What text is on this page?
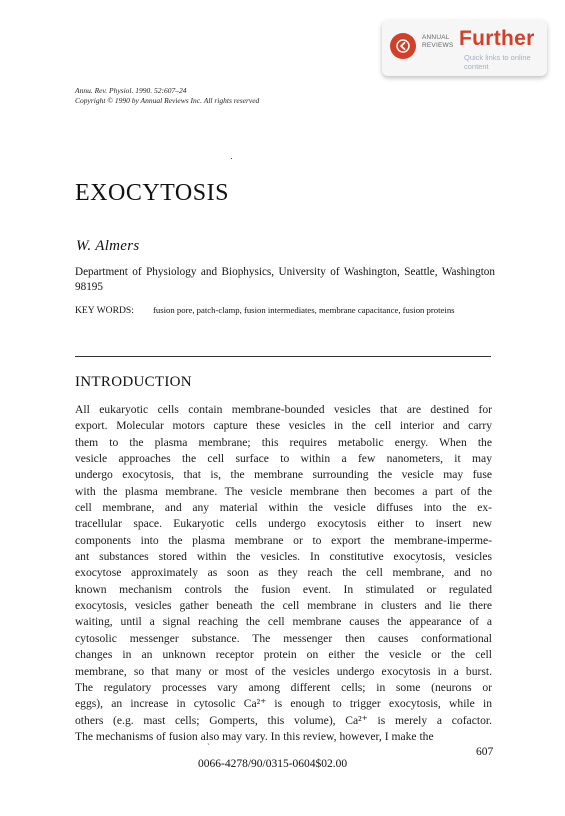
ANNUAL REVIEWS Further
Quick links to online content
Annu. Rev. Physiol. 1990. 52:607–24
Copyright © 1990 by Annual Reviews Inc. All rights reserved
EXOCYTOSIS
W. Almers
Department of Physiology and Biophysics, University of Washington, Seattle, Washington 98195
KEY WORDS: fusion pore, patch-clamp, fusion intermediates, membrane capacitance, fusion proteins
INTRODUCTION
All eukaryotic cells contain membrane-bounded vesicles that are destined for
export. Molecular motors capture these vesicles in the cell interior and carry
them to the plasma membrane; this requires metabolic energy. When the
vesicle approaches the cell surface to within a few nanometers, it may
undergo exocytosis, that is, the membrane surrounding the vesicle may fuse
with the plasma membrane. The vesicle membrane then becomes a part of the
cell membrane, and any material within the vesicle diffuses into the ex-
tracellular space. Eukaryotic cells undergo exocytosis either to insert new
components into the plasma membrane or to export the membrane-imperme-
ant substances stored within the vesicles. In constitutive exocytosis, vesicles
exocytose approximately as soon as they reach the cell membrane, and no
known mechanism controls the fusion event. In stimulated or regulated
exocytosis, vesicles gather beneath the cell membrane in clusters and lie there
waiting, until a signal reaching the cell membrane causes the appearance of a
cytosolic messenger substance. The messenger then causes conformational
changes in an unknown receptor protein on either the vesicle or the cell
membrane, so that many or most of the vesicles undergo exocytosis in a burst.
The regulatory processes vary among different cells; in some (neurons or
eggs), an increase in cytosolic Ca²⁺ is enough to trigger exocytosis, while in
others (e.g. mast cells; Gomperts, this volume), Ca²⁺ is merely a cofactor.
The mechanisms of fusion also may vary. In this review, however, I make the
ˋ	607
0066-4278/90/0315-0604$02.00
